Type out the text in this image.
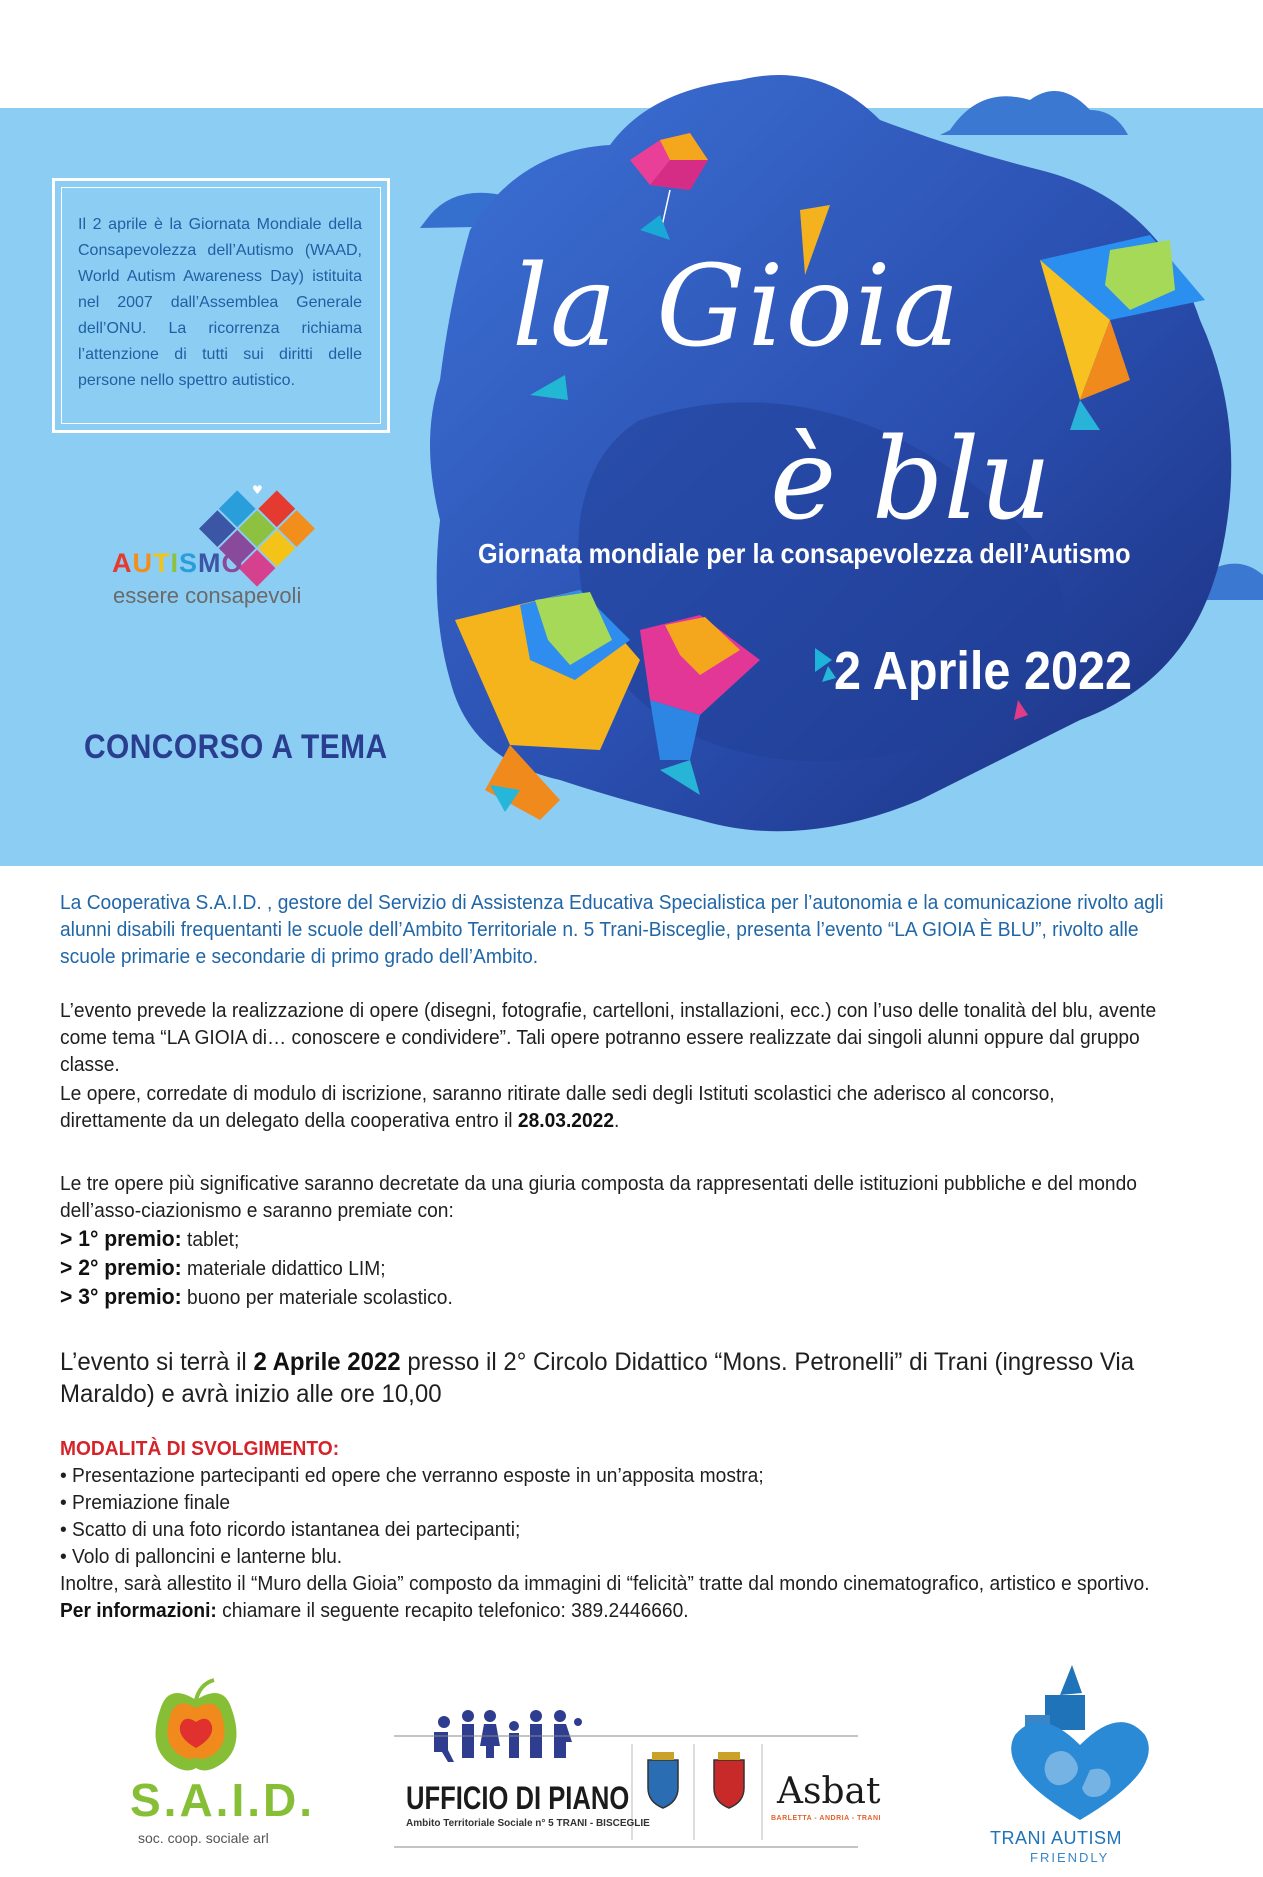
Il 2 aprile è la Giornata Mondiale della Consapevolezza dell’Autismo (WAAD, World Autism Awareness Day) istituita nel 2007 dall’Assemblea Generale dell’ONU. La ricorrenza richiama l’attenzione di tutti sui diritti delle persone nello spettro autistico.

♥
AUTISMO
essere consapevoli
CONCORSO A TEMA
la Gioia
è blu
Giornata mondiale per la consapevolezza dell’Autismo
2 Aprile 2022

La Cooperativa S.A.I.D. , gestore del Servizio di Assistenza Educativa Specialistica per l’autonomia e la comunicazione rivolto agli alunni disabili frequentanti le scuole dell’Ambito Territoriale n. 5 Trani-Bisceglie, presenta l’evento “LA GIOIA È BLU”, rivolto alle scuole primarie e secondarie di primo grado dell’Ambito.

L’evento prevede la realizzazione di opere (disegni, fotografie, cartelloni, installazioni, ecc.) con l’uso delle tonalità del blu, avente come tema “LA GIOIA di… conoscere e condividere”. Tali opere potranno essere realizzate dai singoli alunni oppure dal gruppo classe.

Le opere, corredate di modulo di iscrizione, saranno ritirate dalle sedi degli Istituti scolastici che aderisco al concorso, direttamente da un delegato della cooperativa entro il 28.03.2022.

Le tre opere più significative saranno decretate da una giuria composta da rappresentati delle istituzioni pubbliche e del mondo dell’asso-ciazionismo e saranno premiate con:

> 1° premio: tablet;
> 2° premio: materiale didattico LIM;
> 3° premio: buono per materiale scolastico.

L’evento si terrà il 2 Aprile 2022 presso il 2° Circolo Didattico “Mons. Petronelli” di Trani (ingresso Via Maraldo) e avrà inizio alle ore 10,00

MODALITÀ DI SVOLGIMENTO:
• Presentazione partecipanti ed opere che verranno esposte in un’apposita mostra;
• Premiazione finale
• Scatto di una foto ricordo istantanea dei partecipanti;
• Volo di palloncini e lanterne blu.
Inoltre, sarà allestito il “Muro della Gioia” composto da immagini di “felicità” tratte dal mondo cinematografico, artistico e sportivo.
Per informazioni: chiamare il seguente recapito telefonico: 389.2446660.
S.A.I.D.
soc. coop. sociale arl
UFFICIO DI PIANO
Ambito Territoriale Sociale n° 5 TRANI - BISCEGLIE
Asbat
BARLETTA - ANDRIA - TRANI
TRANI AUTISM
FRIENDLY
